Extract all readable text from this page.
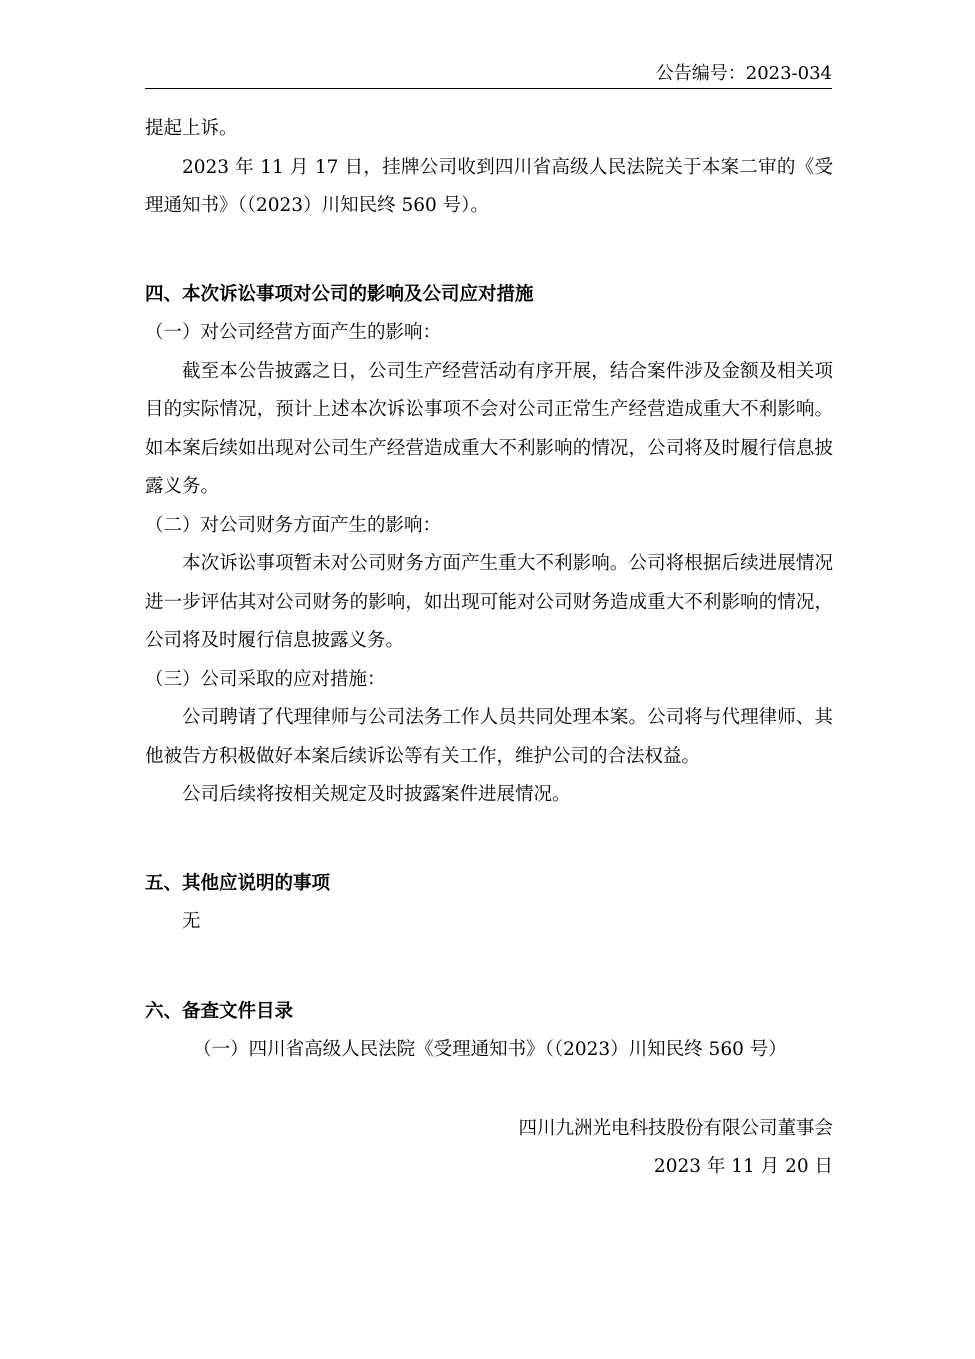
公告编号：2023-034

提起上诉。

2023 年 11 月 17 日，挂牌公司收到四川省高级人民法院关于本案二审的《受理通知书》（（2023）川知民终 560 号）。

四、本次诉讼事项对公司的影响及公司应对措施

（一）对公司经营方面产生的影响：

截至本公告披露之日，公司生产经营活动有序开展，结合案件涉及金额及相关项目的实际情况，预计上述本次诉讼事项不会对公司正常生产经营造成重大不利影响。如本案后续如出现对公司生产经营造成重大不利影响的情况，公司将及时履行信息披露义务。

（二）对公司财务方面产生的影响：

本次诉讼事项暂未对公司财务方面产生重大不利影响。公司将根据后续进展情况进一步评估其对公司财务的影响，如出现可能对公司财务造成重大不利影响的情况，公司将及时履行信息披露义务。

（三）公司采取的应对措施：

公司聘请了代理律师与公司法务工作人员共同处理本案。公司将与代理律师、其他被告方积极做好本案后续诉讼等有关工作，维护公司的合法权益。

公司后续将按相关规定及时披露案件进展情况。

五、其他应说明的事项

无

六、备查文件目录

（一）四川省高级人民法院《受理通知书》（（2023）川知民终 560 号）

四川九洲光电科技股份有限公司董事会

2023 年 11 月 20 日
